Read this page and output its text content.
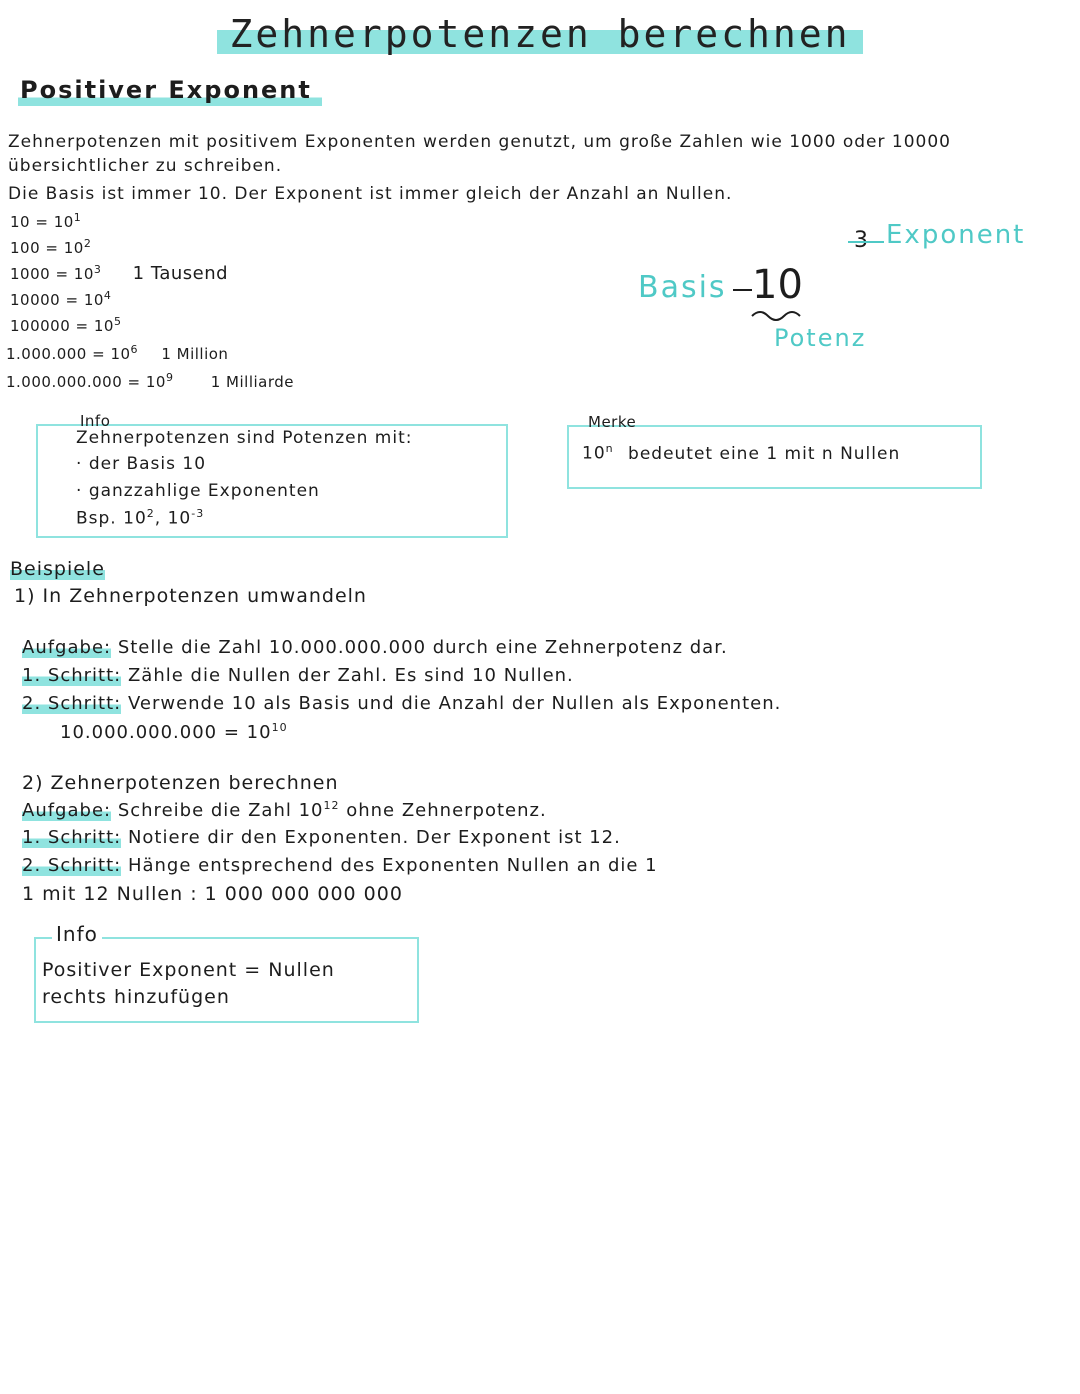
Zehnerpotenzen berechnen
Positiver Exponent
Zehnerpotenzen mit positivem Exponenten werden genutzt, um große Zahlen wie 1000 oder 10000
übersichtlicher zu schreiben.
Die Basis ist immer 10. Der Exponent ist immer gleich der Anzahl an Nullen.
$10 = 10^1$
$100 = 10^2$
$1000 = 10^3$ 1 Tausend
$10000 = 10^4$
$100000 = 10^5$
$1.000.000 = 10^6$ 1 Million
$1.000.000.000 = 10^9$ 1 Milliarde
Basis 10
3 Exponent
Potenz
Info
Zehnerpotenzen sind Potenzen mit:
· der Basis 10
· ganzzahlige Exponenten
Bsp. $10^2$, $10^{-3}$
Merke
10$^n$ bedeutet eine 1 mit n Nullen
Beispiele
1) In Zehnerpotenzen umwandeln
Aufgabe: Stelle die Zahl 10.000.000.000 durch eine Zehnerpotenz dar.
1. Schritt: Zähle die Nullen der Zahl. Es sind 10 Nullen.
2. Schritt: Verwende 10 als Basis und die Anzahl der Nullen als Exponenten.
$10.000.000.000 = 10^{10}$
2) Zehnerpotenzen berechnen
Aufgabe: Schreibe die Zahl $10^{12}$ ohne Zehnerpotenz.
1. Schritt: Notiere dir den Exponenten. Der Exponent ist 12.
2. Schritt: Hänge entsprechend des Exponenten Nullen an die 1
1 mit 12 Nullen : 1 000 000 000 000
Info
Positiver Exponent = Nullen
rechts hinzufügen
